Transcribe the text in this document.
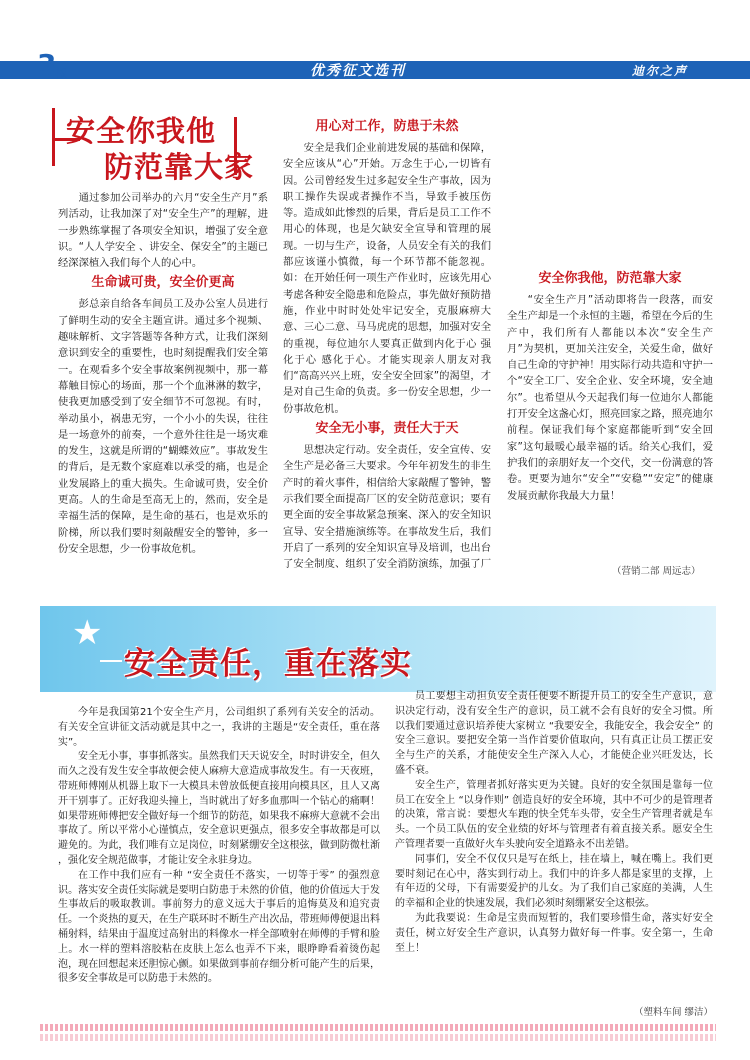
3 版	优秀征文选刊	迪尔之声
安全你我他
防范靠大家

通过参加公司举办的六月“安全生产月”系列活动，让我加深了对“安全生产”的理解，进一步熟练掌握了各项安全知识，增强了安全意识。“人人学安全 、讲安全、保安全”的主题已经深深植入我们每个人的心中。

生命诚可贵，安全价更高

彭总亲自给各车间员工及办公室人员进行了鲜明生动的安全主题宣讲。通过多个视频、趣味解析、文字答题等各种方式，让我们深刻意识到安全的重要性，也时刻提醒我们安全第一。在观看多个安全事故案例视频中，那一幕幕触目惊心的场面，那一个个血淋淋的数字，使我更加感受到了安全细节不可忽视。有时，举动虽小，祸患无穷，一个小小的失误，往往是一场意外的前奏，一个意外往往是一场灾难的发生，这就是所谓的“蝴蝶效应”。事故发生的背后，是无数个家庭难以承受的痛，也是企业发展路上的重大损失。生命诚可贵，安全价更高。人的生命是至高无上的，然而，安全是幸福生活的保障，是生命的基石，也是欢乐的阶梯，所以我们要时刻敲醒安全的警钟，多一份安全思想，少一份事故危机。

用心对工作，防患于未然

安全是我们企业前进发展的基础和保障，安全应该从“心”开始。万念生于心,一切皆有因。公司曾经发生过多起安全生产事故，因为职工操作失误或者操作不当，导致手被压伤等。造成如此惨烈的后果，背后是员工工作不用心的体现，也是欠缺安全宣导和管理的展现。一切与生产，设备，人员安全有关的我们都应该谨小慎微，每一个环节都不能忽视。如：在开始任何一项生产作业时，应该先用心考虑各种安全隐患和危险点，事先做好预防措施，作业中时时处处牢记安全，克服麻痹大意、三心二意、马马虎虎的思想，加强对安全的重视，每位迪尔人要真正做到内化于心 强化于心 感化于心。才能实现亲人朋友对我们“高高兴兴上班，安全安全回家”的渴望，才是对自己生命的负责。多一份安全思想，少一份事故危机。

安全无小事，责任大于天

思想决定行动。安全责任，安全宣传、安全生产是必备三大要求。今年年初发生的非生产时的着火事件，相信给大家敲醒了警钟，警示我们要全面提高厂区的安全防范意识；要有更全面的安全事故紧急预案、深入的安全知识宣导、安全措施演练等。在事故发生后，我们开启了一系列的安全知识宣导及培训，也出台了安全制度、组织了安全消防演练，加强了厂

安全你我他，防范靠大家

“安全生产月”活动即将告一段落，而安全生产却是一个永恒的主题，希望在今后的生产中，我们所有人都能以本次“安全生产月”为契机，更加关注安全，关爱生命，做好自己生命的守护神！用实际行动共造和守护一个“安全工厂、安全企业、安全环境，安全迪尔”。也希望从今天起我们每一位迪尔人都能打开安全这盏心灯，照亮回家之路，照亮迪尔前程。保证我们每个家庭都能听到“安全回家”这句最暖心最幸福的话。给关心我们，爱护我们的亲朋好友一个交代，交一份满意的答卷。更要为迪尔“安全”“安稳”“安定”的健康发展贡献你我最大力量！

（营销二部 周远志）
★
安全责任，重在落实

今年是我国第21个安全生产月，公司组织了系列有关安全的活动。有关安全宣讲征文活动就是其中之一，我讲的主题是“安全责任，重在落实”。

安全无小事，事事抓落实。虽然我们天天说安全，时时讲安全，但久而久之没有发生安全事故便会使人麻痹大意造成事故发生。有一天夜班，带班师傅刚从机器上取下一大模具未曾放低便直接用向模具区，且人又离开干别事了。正好我迎头撞上，当时就出了好多血那叫一个钻心的痛啊！如果带班师傅把安全做好每一个细节的防范，如果我不麻痹大意就不会出事故了。所以平常小心谨慎点，安全意识更强点，很多安全事故都是可以避免的。为此，我们唯有立足岗位，时刻紧绷安全这根弦，做到防微杜渐 ，强化安全规范做事，才能让安全永驻身边。

在工作中我们应有一种 “安全责任不落实，一切等于零” 的强烈意识。落实安全责任实际就是要明白防患于未然的价值，他的价值远大于发生事故后的吸取教训。事前努力的意义远大于事后的追悔莫及和追究责任。一个炎热的夏天，在生产联环时不断生产出次品，带班师傅便退出料桶射料，结果由于温度过高射出的料像水一样全部喷射在师傅的手臂和脸上。水一样的塑料溶胶粘在皮肤上怎么也弄不下来，眼睁睁看着烫伤起泡，现在回想起来还胆惊心颤。如果做到事前存细分析可能产生的后果，很多安全事故是可以防患于未然的。

员工要想主动担负安全责任便要不断提升员工的安全生产意识，意识决定行动，没有安全生产的意识，员工就不会有良好的安全习惯。所以我们要通过意识培养使大家树立 “我要安全，我能安全，我会安全” 的安全三意识。要把安全第一当作首要价值取向，只有真正让员工摆正安全与生产的关系，才能使安全生产深入人心，才能使企业兴旺发达，长盛不衰。

安全生产，管理者抓好落实更为关键。良好的安全氛围是靠每一位员工在安全上 “以身作则” 创造良好的安全环境，其中不可少的是管理者的决策，常言说：要想火车跑的快全凭车头带，安全生产管理者就是车头。一个员工队伍的安全业绩的好坏与管理者有着直接关系。愿安全生产管理者要一直做好火车头驶向安全道路永不出差错。

同事们，安全不仅仅只是写在纸上，挂在墙上，喊在嘴上。我们更要时刻记在心中，落实到行动上。我们中的许多人都是家里的支撑，上有年迈的父母，下有需要爱护的儿女。为了我们自己家庭的美满，人生的幸福和企业的快速发展，我们必须时刻绷紧安全这根弦。

为此我要说：生命是宝贵而短暂的，我们要珍惜生命，落实好安全责任，树立好安全生产意识，认真努力做好每一件事。安全第一，生命至上！

（塑料车间 缪洁）
